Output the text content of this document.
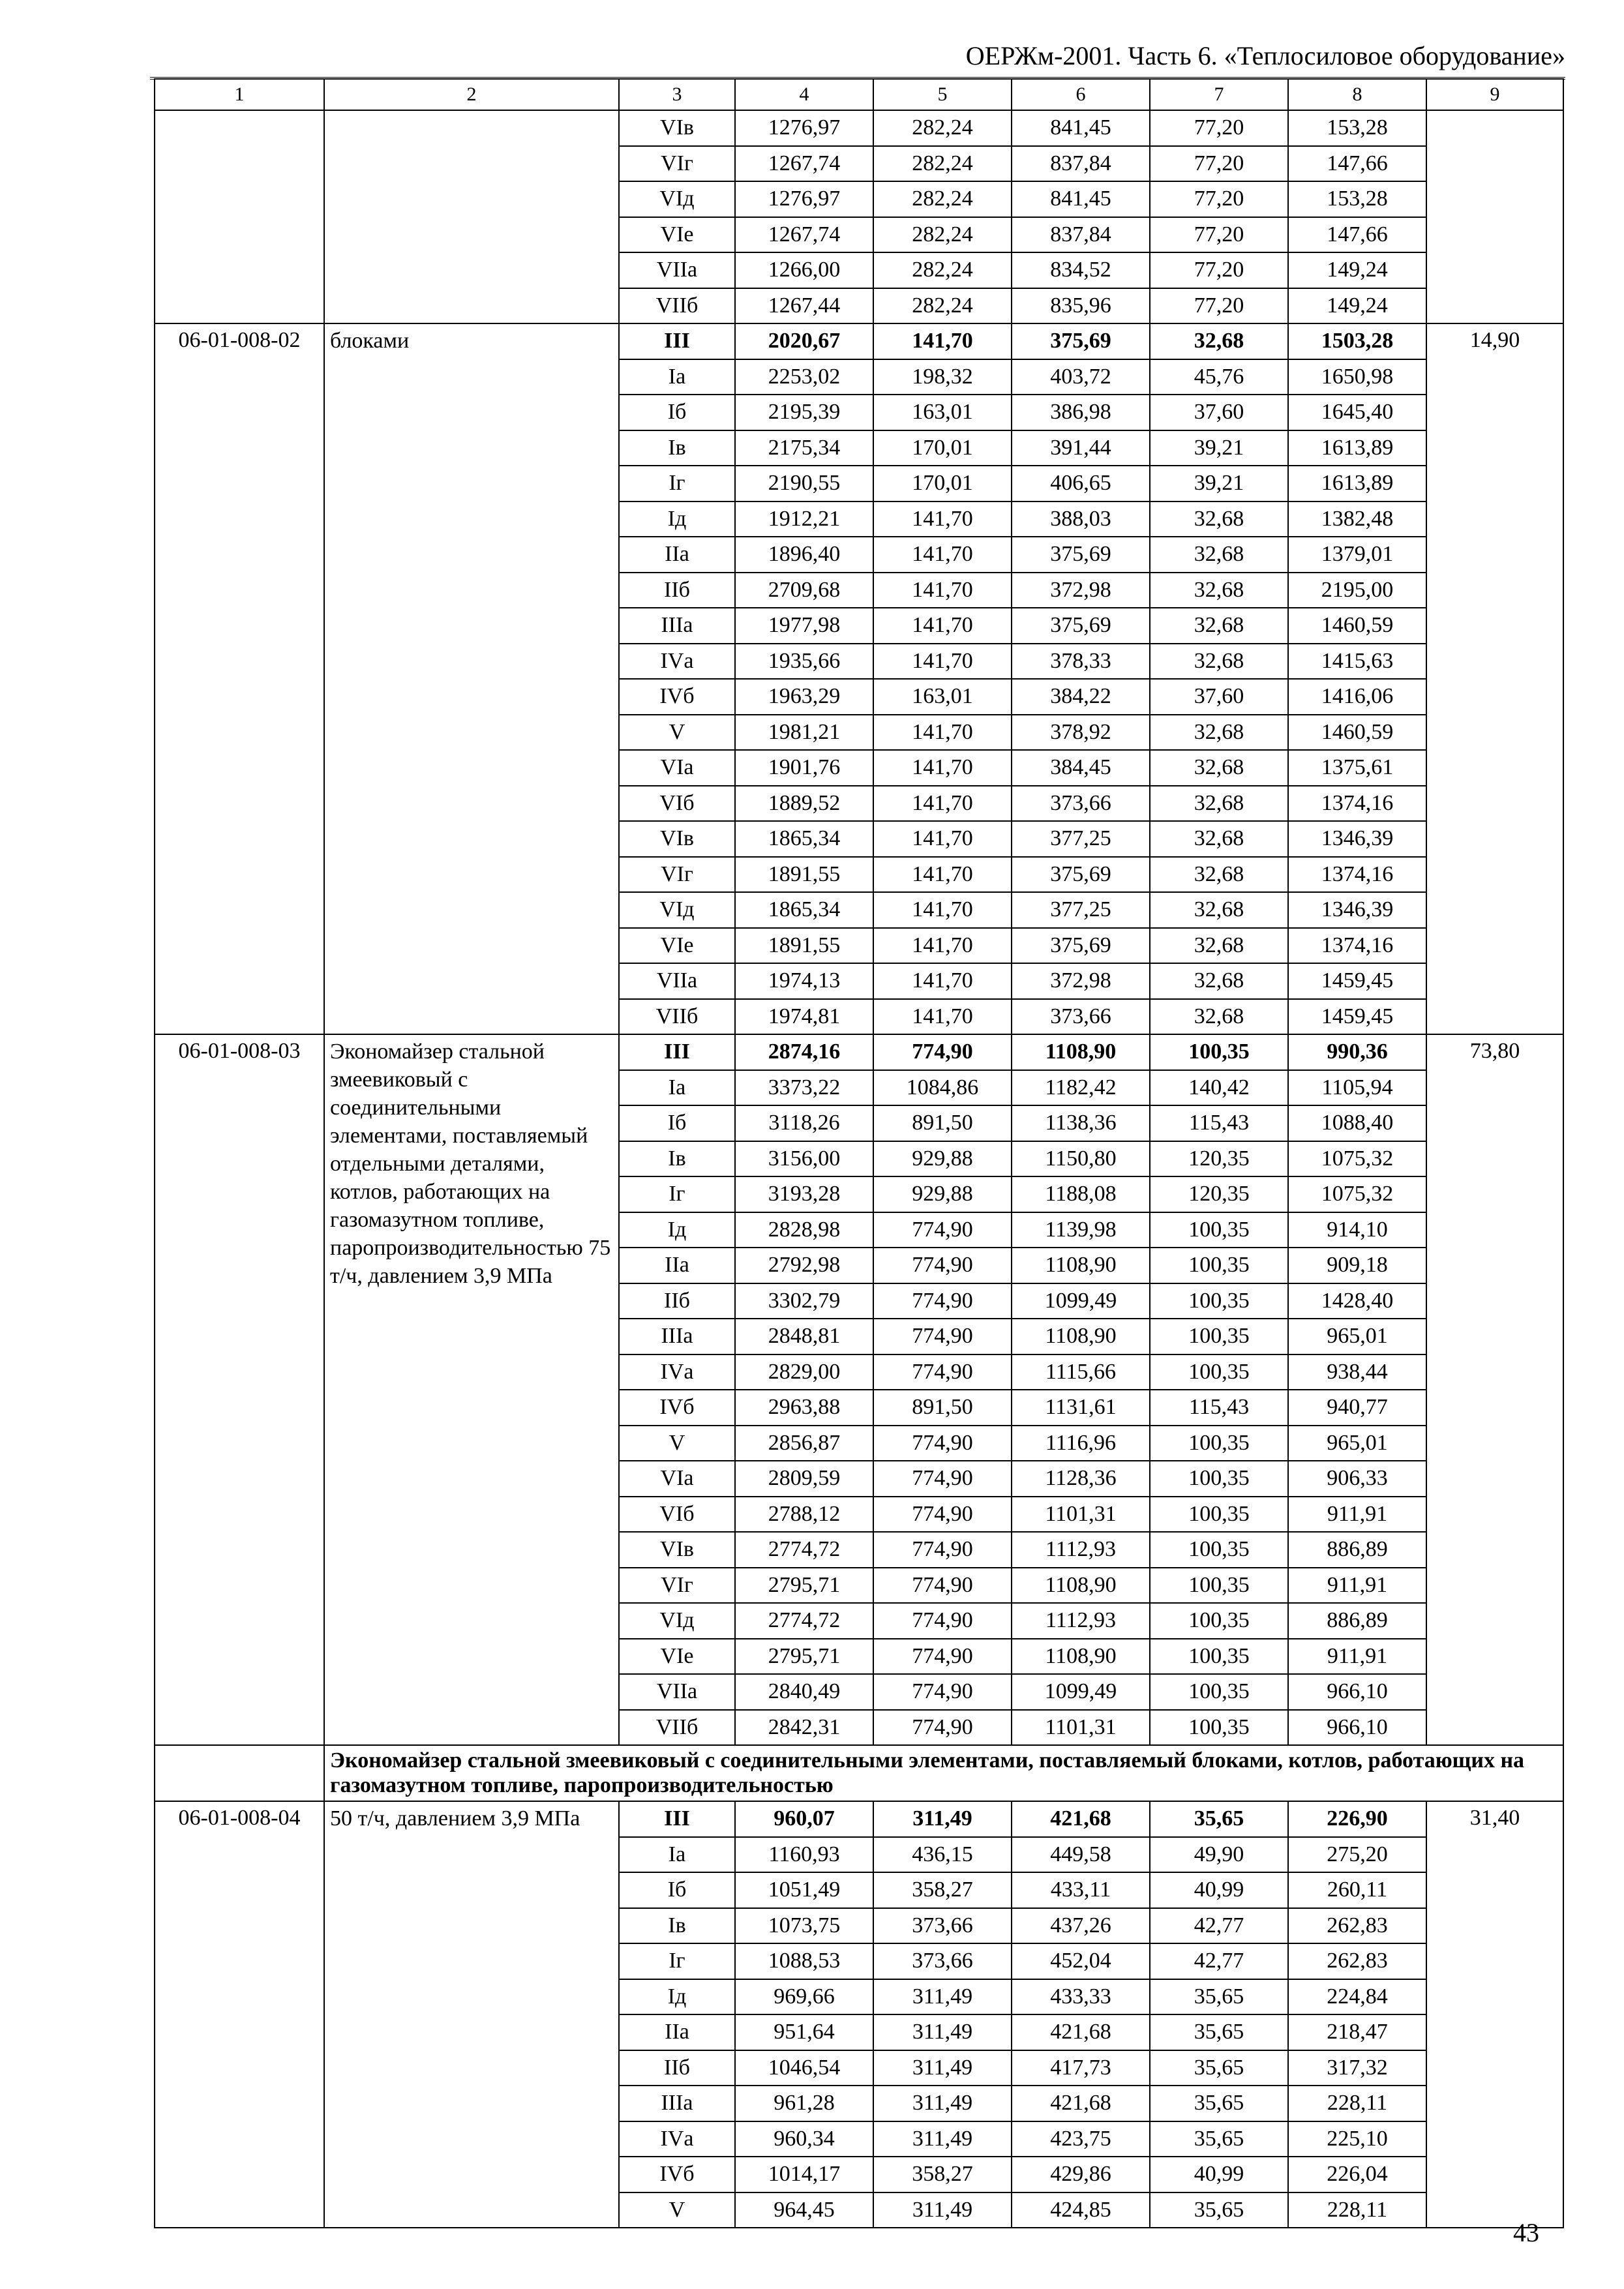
ОЕРЖм-2001. Часть 6. «Теплосиловое оборудование»
1	2	3	4	5	6	7	8	9
		VIв	1276,97	282,24	841,45	77,20	153,28	
		VIг	1267,74	282,24	837,84	77,20	147,66	
		VIд	1276,97	282,24	841,45	77,20	153,28	
		VIе	1267,74	282,24	837,84	77,20	147,66	
		VIIа	1266,00	282,24	834,52	77,20	149,24	
		VIIб	1267,44	282,24	835,96	77,20	149,24	
06-01-008-02	блоками	III	2020,67	141,70	375,69	32,68	1503,28	14,90
		Iа	2253,02	198,32	403,72	45,76	1650,98	
		Iб	2195,39	163,01	386,98	37,60	1645,40	
		Iв	2175,34	170,01	391,44	39,21	1613,89	
		Iг	2190,55	170,01	406,65	39,21	1613,89	
		Iд	1912,21	141,70	388,03	32,68	1382,48	
		IIа	1896,40	141,70	375,69	32,68	1379,01	
		IIб	2709,68	141,70	372,98	32,68	2195,00	
		IIIа	1977,98	141,70	375,69	32,68	1460,59	
		IVа	1935,66	141,70	378,33	32,68	1415,63	
		IVб	1963,29	163,01	384,22	37,60	1416,06	
		V	1981,21	141,70	378,92	32,68	1460,59	
		VIа	1901,76	141,70	384,45	32,68	1375,61	
		VIб	1889,52	141,70	373,66	32,68	1374,16	
		VIв	1865,34	141,70	377,25	32,68	1346,39	
		VIг	1891,55	141,70	375,69	32,68	1374,16	
		VIд	1865,34	141,70	377,25	32,68	1346,39	
		VIе	1891,55	141,70	375,69	32,68	1374,16	
		VIIа	1974,13	141,70	372,98	32,68	1459,45	
		VIIб	1974,81	141,70	373,66	32,68	1459,45	
06-01-008-03	Экономайзер стальной змеевиковый с соединительными элементами, поставляемый отдельными деталями, котлов, работающих на газомазутном топливе, паропроизводительностью 75 т/ч, давлением 3,9 МПа	III	2874,16	774,90	1108,90	100,35	990,36	73,80
		Iа	3373,22	1084,86	1182,42	140,42	1105,94	
		Iб	3118,26	891,50	1138,36	115,43	1088,40	
		Iв	3156,00	929,88	1150,80	120,35	1075,32	
		Iг	3193,28	929,88	1188,08	120,35	1075,32	
		Iд	2828,98	774,90	1139,98	100,35	914,10	
		IIа	2792,98	774,90	1108,90	100,35	909,18	
		IIб	3302,79	774,90	1099,49	100,35	1428,40	
		IIIа	2848,81	774,90	1108,90	100,35	965,01	
		IVа	2829,00	774,90	1115,66	100,35	938,44	
		IVб	2963,88	891,50	1131,61	115,43	940,77	
		V	2856,87	774,90	1116,96	100,35	965,01	
		VIа	2809,59	774,90	1128,36	100,35	906,33	
		VIб	2788,12	774,90	1101,31	100,35	911,91	
		VIв	2774,72	774,90	1112,93	100,35	886,89	
		VIг	2795,71	774,90	1108,90	100,35	911,91	
		VIд	2774,72	774,90	1112,93	100,35	886,89	
		VIе	2795,71	774,90	1108,90	100,35	911,91	
		VIIа	2840,49	774,90	1099,49	100,35	966,10	
		VIIб	2842,31	774,90	1101,31	100,35	966,10	
	Экономайзер стальной змеевиковый с соединительными элементами, поставляемый блоками, котлов, работающих на газомазутном топливе, паропроизводительностью							
06-01-008-04	50 т/ч, давлением 3,9 МПа	III	960,07	311,49	421,68	35,65	226,90	31,40
		Iа	1160,93	436,15	449,58	49,90	275,20	
		Iб	1051,49	358,27	433,11	40,99	260,11	
		Iв	1073,75	373,66	437,26	42,77	262,83	
		Iг	1088,53	373,66	452,04	42,77	262,83	
		Iд	969,66	311,49	433,33	35,65	224,84	
		IIа	951,64	311,49	421,68	35,65	218,47	
		IIб	1046,54	311,49	417,73	35,65	317,32	
		IIIа	961,28	311,49	421,68	35,65	228,11	
		IVа	960,34	311,49	423,75	35,65	225,10	
		IVб	1014,17	358,27	429,86	40,99	226,04	
		V	964,45	311,49	424,85	35,65	228,11	
43
